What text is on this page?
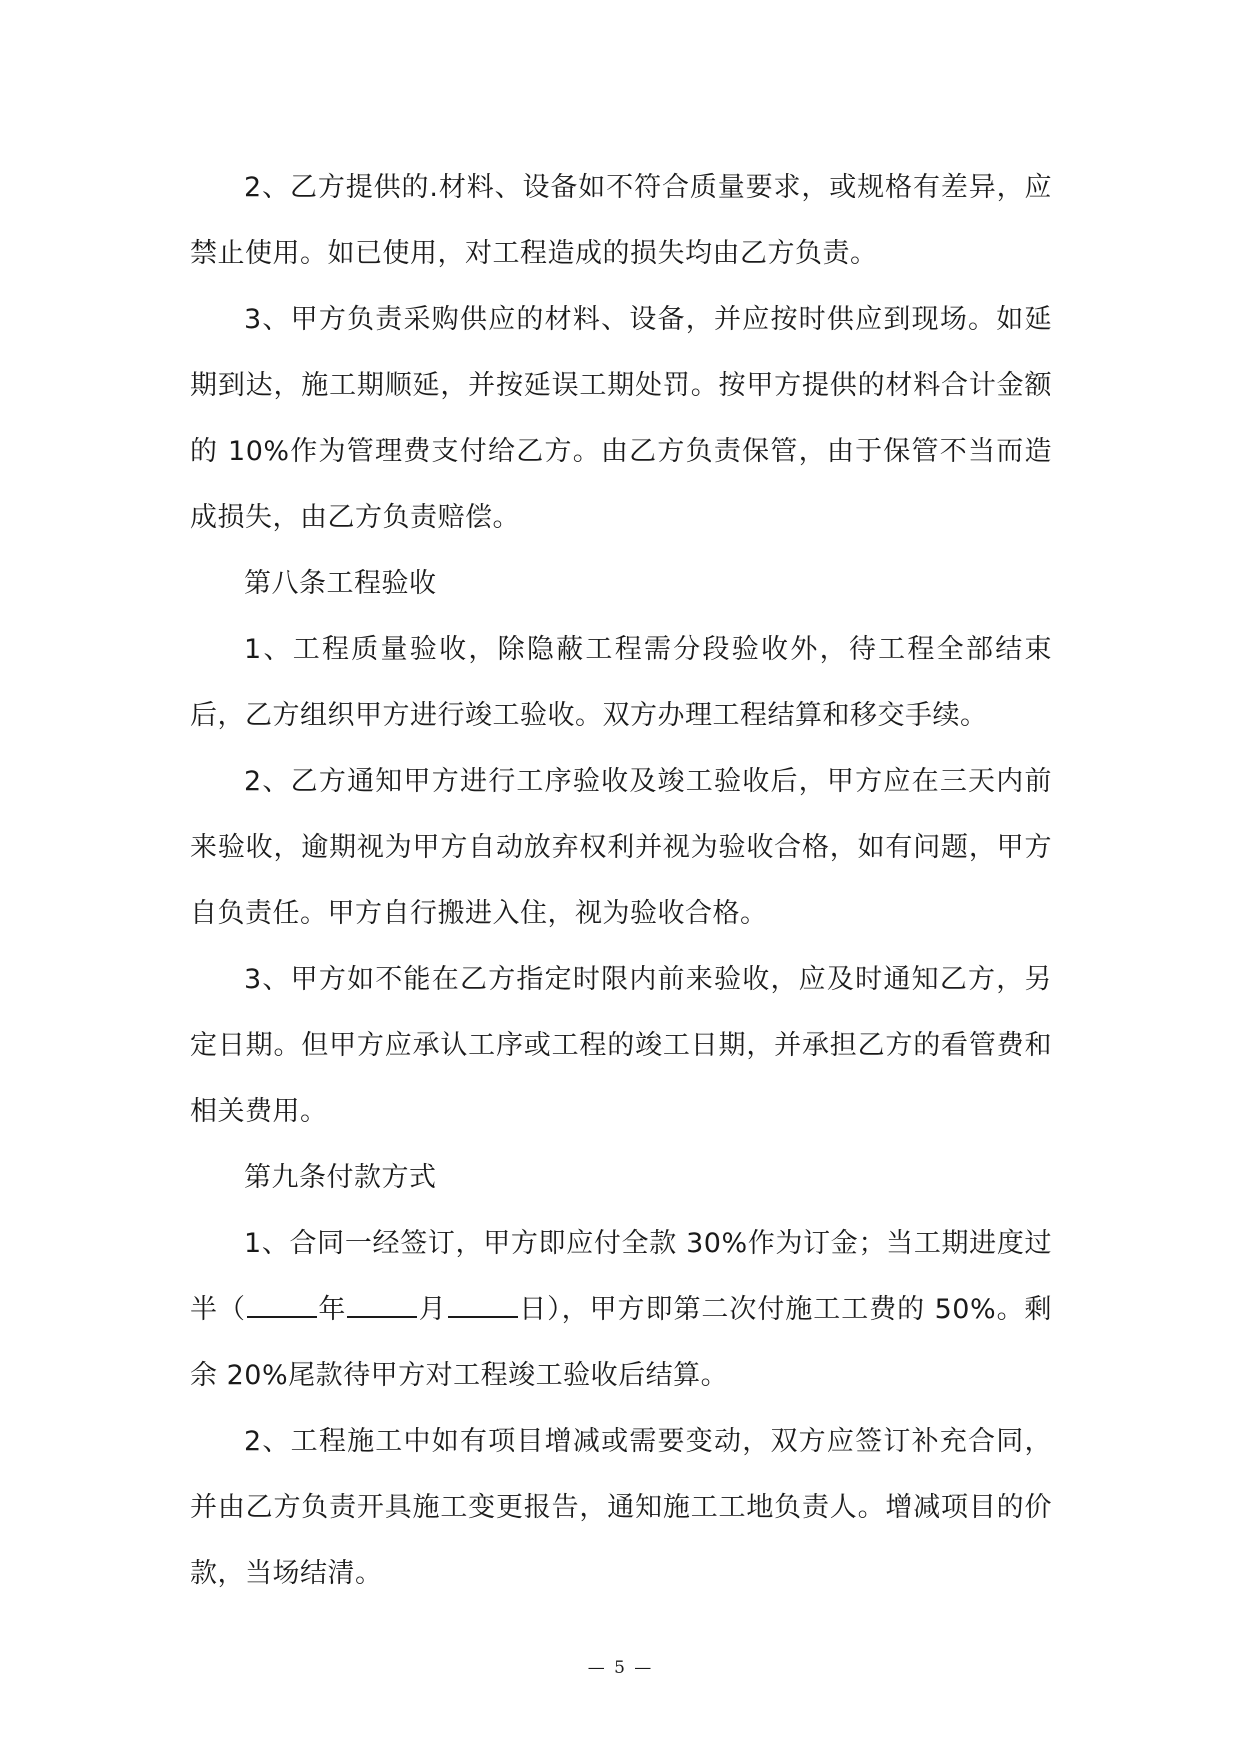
2、乙方提供的.材料、设备如不符合质量要求，或规格有差异，应禁止使用。如已使用，对工程造成的损失均由乙方负责。

3、甲方负责采购供应的材料、设备，并应按时供应到现场。如延期到达，施工期顺延，并按延误工期处罚。按甲方提供的材料合计金额的 10%作为管理费支付给乙方。由乙方负责保管，由于保管不当而造成损失，由乙方负责赔偿。

第八条工程验收

1、工程质量验收，除隐蔽工程需分段验收外，待工程全部结束后，乙方组织甲方进行竣工验收。双方办理工程结算和移交手续。

2、乙方通知甲方进行工序验收及竣工验收后，甲方应在三天内前来验收，逾期视为甲方自动放弃权利并视为验收合格，如有问题，甲方自负责任。甲方自行搬进入住，视为验收合格。

3、甲方如不能在乙方指定时限内前来验收，应及时通知乙方，另定日期。但甲方应承认工序或工程的竣工日期，并承担乙方的看管费和相关费用。

第九条付款方式

1、合同一经签订，甲方即应付全款 30%作为订金；当工期进度过半（	年	月	日），甲方即第二次付施工工费的 50%。剩余 20%尾款待甲方对工程竣工验收后结算。

2、工程施工中如有项目增减或需要变动，双方应签订补充合同，并由乙方负责开具施工变更报告，通知施工工地负责人。增减项目的价款，当场结清。

— 5 —
